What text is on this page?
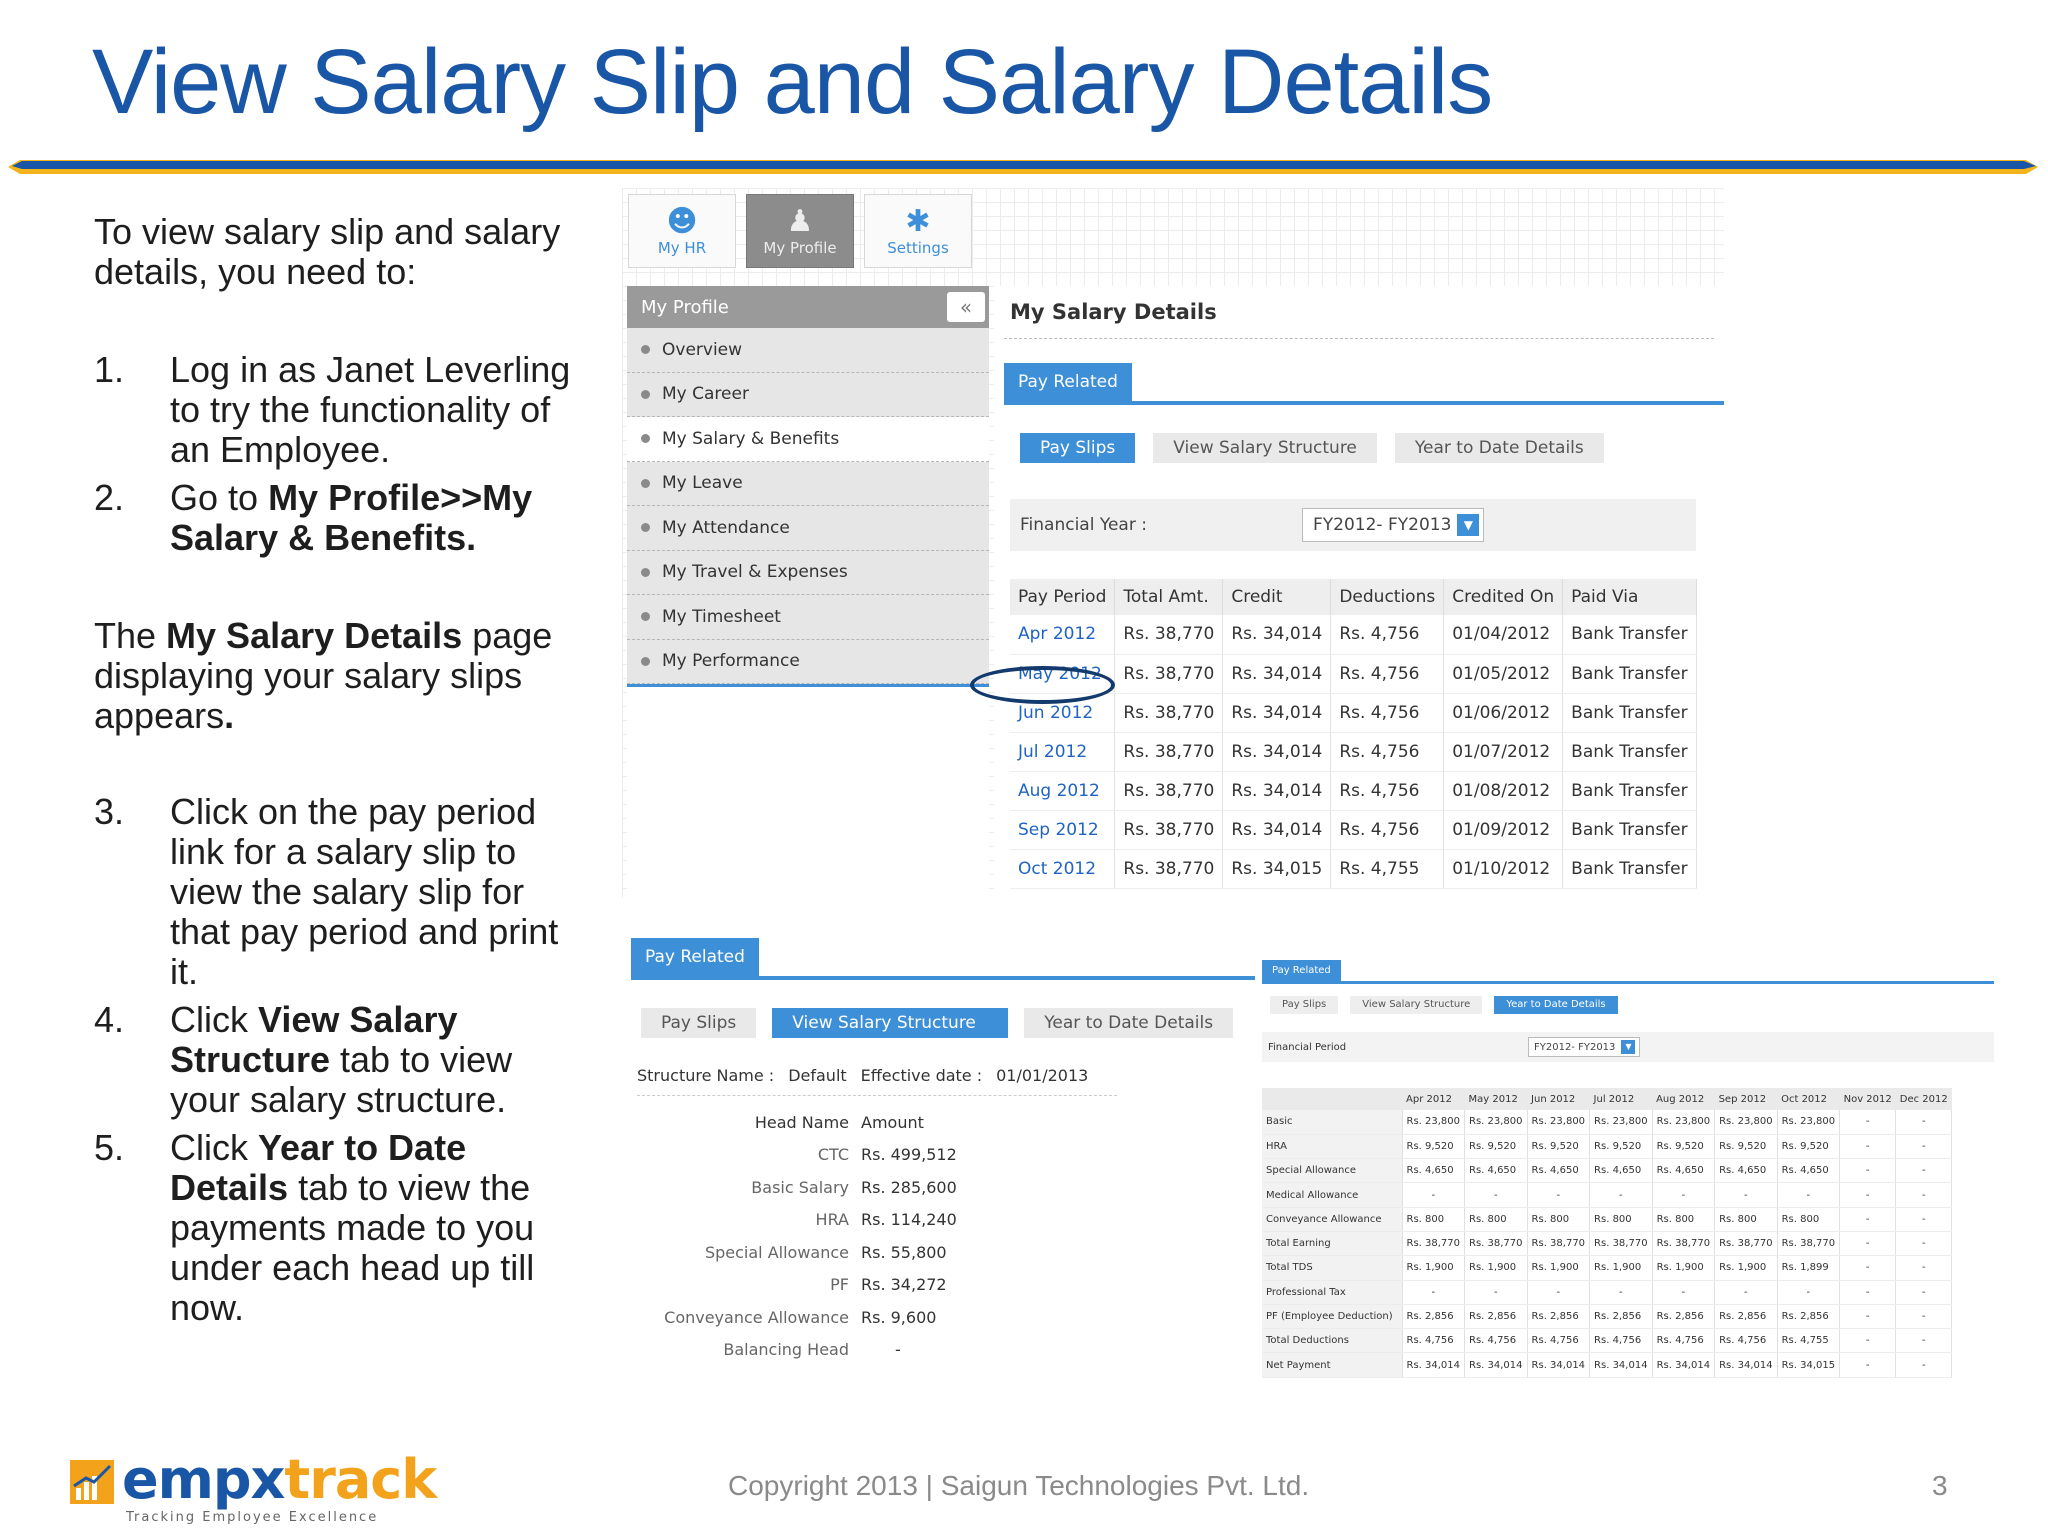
View Salary Slip and Salary Details

To view salary slip and salary details, you need to:

1.	Log in as Janet Leverling to try the functionality of an Employee.
2.	Go to My Profile>>My Salary & Benefits.

The My Salary Details page displaying your salary slips appears.

3.	Click on the pay period link for a salary slip to view the salary slip for that pay period and print it.
4.	Click View Salary Structure tab to view your salary structure.
5.	Click Year to Date Details tab to view the payments made to you under each head up till now.
☻
My HR
♟
My Profile
✱
Settings
My Profile	«
Overview
My Career
My Salary & Benefits
My Leave
My Attendance
My Travel & Expenses
My Timesheet
My Performance
My Salary Details
Pay Related
Pay Slips	View Salary Structure	Year to Date Details
Financial Year :	FY2012- FY2013	▼
Pay Period	Total Amt.	Credit	Deductions	Credited On	Paid Via
Apr 2012	Rs. 38,770	Rs. 34,014	Rs. 4,756	01/04/2012	Bank Transfer
May 2012	Rs. 38,770	Rs. 34,014	Rs. 4,756	01/05/2012	Bank Transfer
Jun 2012	Rs. 38,770	Rs. 34,014	Rs. 4,756	01/06/2012	Bank Transfer
Jul 2012	Rs. 38,770	Rs. 34,014	Rs. 4,756	01/07/2012	Bank Transfer
Aug 2012	Rs. 38,770	Rs. 34,014	Rs. 4,756	01/08/2012	Bank Transfer
Sep 2012	Rs. 38,770	Rs. 34,014	Rs. 4,756	01/09/2012	Bank Transfer
Oct 2012	Rs. 38,770	Rs. 34,015	Rs. 4,755	01/10/2012	Bank Transfer
Pay Related
Pay Slips	View Salary Structure	Year to Date Details
Structure Name : Default Effective date : 01/01/2013
Head Name	Amount
CTC	Rs. 499,512
Basic Salary	Rs. 285,600
HRA	Rs. 114,240
Special Allowance	Rs. 55,800
PF	Rs. 34,272
Conveyance Allowance	Rs. 9,600
Balancing Head	-
Pay Related
Pay Slips	View Salary Structure	Year to Date Details
Financial Period	FY2012- FY2013	▼
	Apr 2012	May 2012	Jun 2012	Jul 2012	Aug 2012	Sep 2012	Oct 2012	Nov 2012	Dec 2012
Basic	Rs. 23,800	Rs. 23,800	Rs. 23,800	Rs. 23,800	Rs. 23,800	Rs. 23,800	Rs. 23,800	-	-
HRA	Rs. 9,520	Rs. 9,520	Rs. 9,520	Rs. 9,520	Rs. 9,520	Rs. 9,520	Rs. 9,520	-	-
Special Allowance	Rs. 4,650	Rs. 4,650	Rs. 4,650	Rs. 4,650	Rs. 4,650	Rs. 4,650	Rs. 4,650	-	-
Medical Allowance	-	-	-	-	-	-	-	-	-
Conveyance Allowance	Rs. 800	Rs. 800	Rs. 800	Rs. 800	Rs. 800	Rs. 800	Rs. 800	-	-
Total Earning	Rs. 38,770	Rs. 38,770	Rs. 38,770	Rs. 38,770	Rs. 38,770	Rs. 38,770	Rs. 38,770	-	-
Total TDS	Rs. 1,900	Rs. 1,900	Rs. 1,900	Rs. 1,900	Rs. 1,900	Rs. 1,900	Rs. 1,899	-	-
Professional Tax	-	-	-	-	-	-	-	-	-
PF (Employee Deduction)	Rs. 2,856	Rs. 2,856	Rs. 2,856	Rs. 2,856	Rs. 2,856	Rs. 2,856	Rs. 2,856	-	-
Total Deductions	Rs. 4,756	Rs. 4,756	Rs. 4,756	Rs. 4,756	Rs. 4,756	Rs. 4,756	Rs. 4,755	-	-
Net Payment	Rs. 34,014	Rs. 34,014	Rs. 34,014	Rs. 34,014	Rs. 34,014	Rs. 34,014	Rs. 34,015	-	-
empxtrack
Tracking Employee Excellence
Copyright 2013 | Saigun Technologies Pvt. Ltd.	3
